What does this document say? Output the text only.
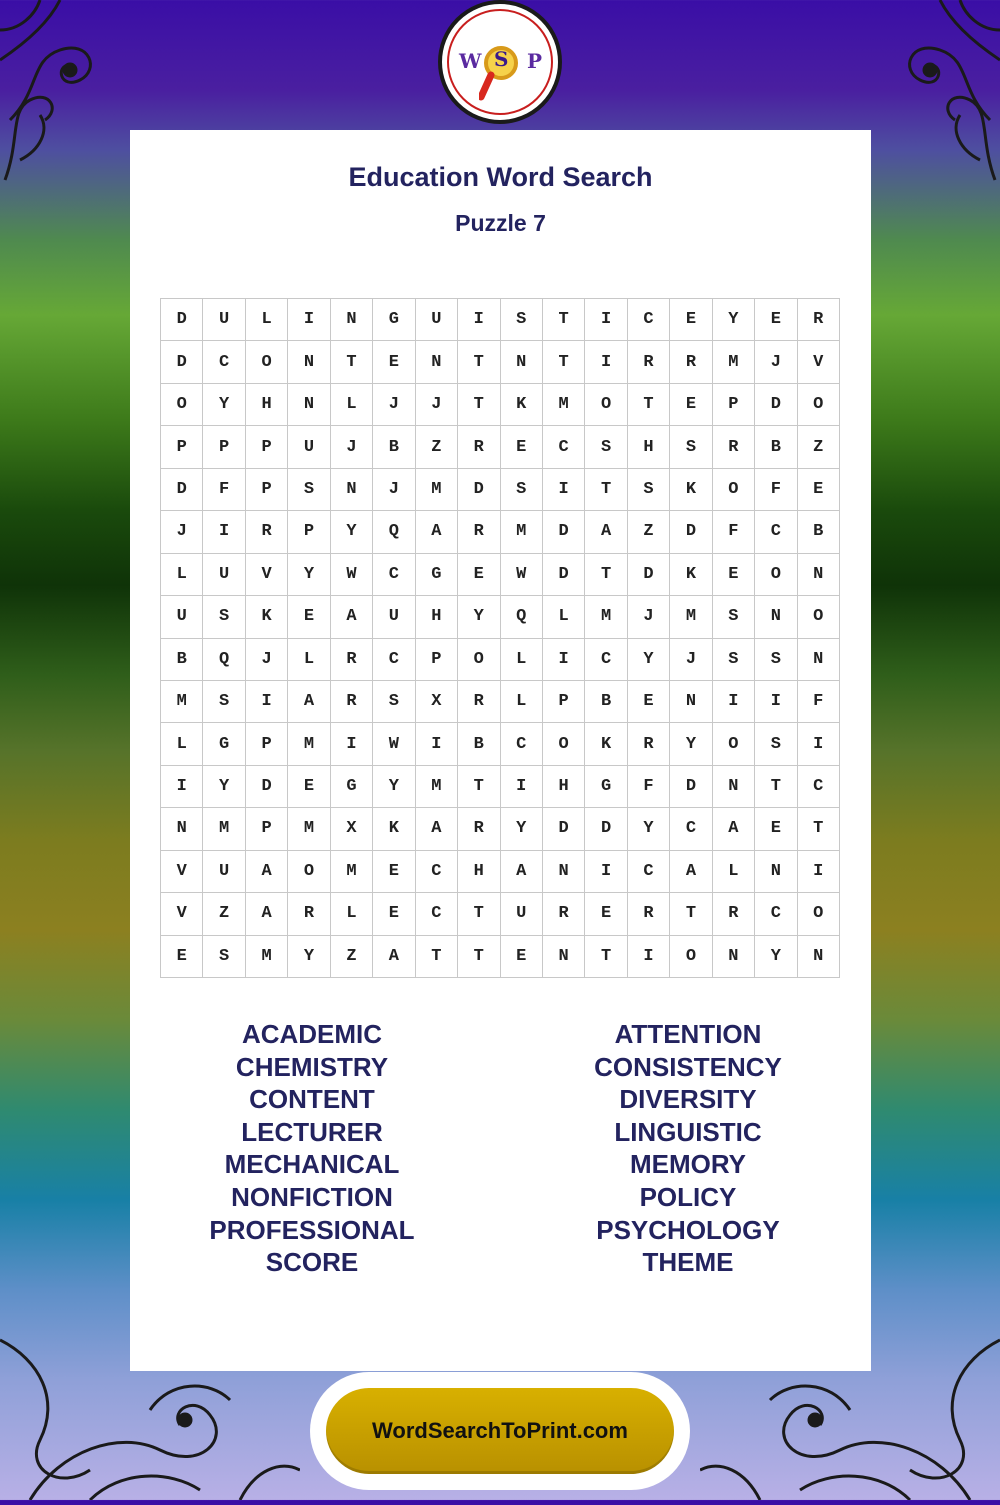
W S P
Education Word Search
Puzzle 7
D	U	L	I	N	G	U	I	S	T	I	C	E	Y	E	R
D	C	O	N	T	E	N	T	N	T	I	R	R	M	J	V
O	Y	H	N	L	J	J	T	K	M	O	T	E	P	D	O
P	P	P	U	J	B	Z	R	E	C	S	H	S	R	B	Z
D	F	P	S	N	J	M	D	S	I	T	S	K	O	F	E
J	I	R	P	Y	Q	A	R	M	D	A	Z	D	F	C	B
L	U	V	Y	W	C	G	E	W	D	T	D	K	E	O	N
U	S	K	E	A	U	H	Y	Q	L	M	J	M	S	N	O
B	Q	J	L	R	C	P	O	L	I	C	Y	J	S	S	N
M	S	I	A	R	S	X	R	L	P	B	E	N	I	I	F
L	G	P	M	I	W	I	B	C	O	K	R	Y	O	S	I
I	Y	D	E	G	Y	M	T	I	H	G	F	D	N	T	C
N	M	P	M	X	K	A	R	Y	D	D	Y	C	A	E	T
V	U	A	O	M	E	C	H	A	N	I	C	A	L	N	I
V	Z	A	R	L	E	C	T	U	R	E	R	T	R	C	O
E	S	M	Y	Z	A	T	T	E	N	T	I	O	N	Y	N
ACADEMIC
CHEMISTRY
CONTENT
LECTURER
MECHANICAL
NONFICTION
PROFESSIONAL
SCORE
ATTENTION
CONSISTENCY
DIVERSITY
LINGUISTIC
MEMORY
POLICY
PSYCHOLOGY
THEME
WordSearchToPrint.com
